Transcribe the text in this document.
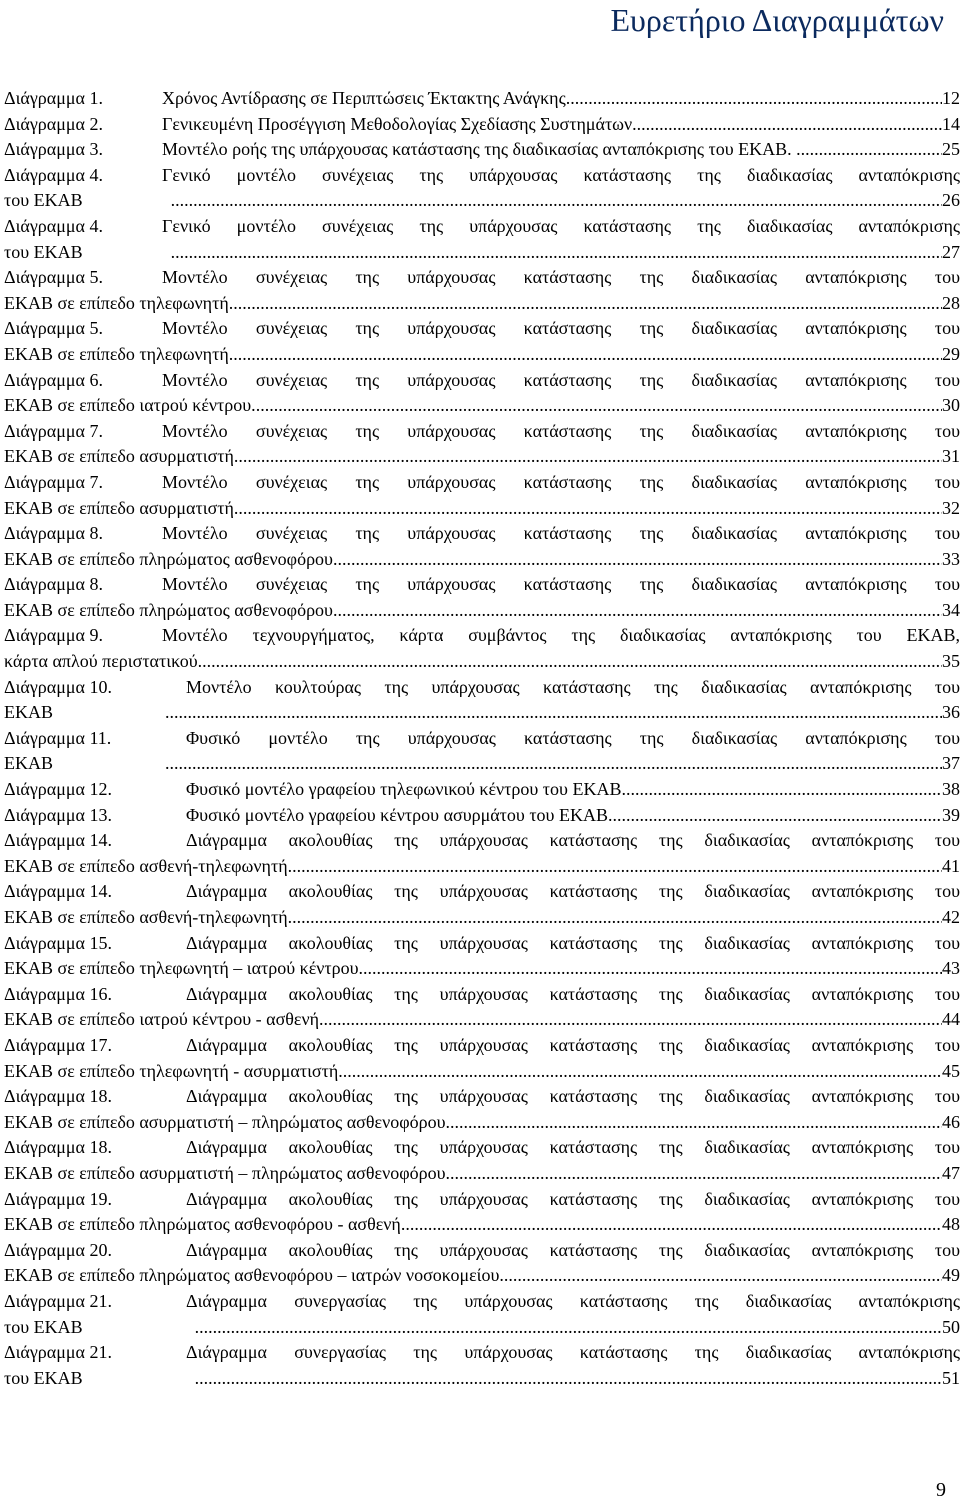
Ευρετήριο Διαγραμμάτων
Διάγραμμα 1.	Χρόνος Αντίδρασης σε Περιπτώσεις Έκτακτης Ανάγκης .....	12
Διάγραμμα 2.	Γενικευμένη Προσέγγιση Μεθοδολογίας Σχεδίασης Συστημάτων .....	14
Διάγραμμα 3.	Μοντέλο ροής της υπάρχουσας κατάστασης της διαδικασίας ανταπόκρισης του ΕΚΑΒ. .. .....	25
Διάγραμμα 4.	Γενικό μοντέλο συνέχειας της υπάρχουσας κατάστασης της διαδικασίας ανταπόκρισης
του ΕΚΑΒ .....	26
Διάγραμμα 4.	Γενικό μοντέλο συνέχειας της υπάρχουσας κατάστασης της διαδικασίας ανταπόκρισης
του ΕΚΑΒ .....	27
Διάγραμμα 5.	Μοντέλο συνέχειας της υπάρχουσας κατάστασης της διαδικασίας ανταπόκρισης του
ΕΚΑΒ σε επίπεδο τηλεφωνητή. .....	28
Διάγραμμα 5.	Μοντέλο συνέχειας της υπάρχουσας κατάστασης της διαδικασίας ανταπόκρισης του
ΕΚΑΒ σε επίπεδο τηλεφωνητή. .....	29
Διάγραμμα 6.	Μοντέλο συνέχειας της υπάρχουσας κατάστασης της διαδικασίας ανταπόκρισης του
ΕΚΑΒ σε επίπεδο ιατρού κέντρου. .....	30
Διάγραμμα 7.	Μοντέλο συνέχειας της υπάρχουσας κατάστασης της διαδικασίας ανταπόκρισης του
ΕΚΑΒ σε επίπεδο ασυρματιστή. .....	31
Διάγραμμα 7.	Μοντέλο συνέχειας της υπάρχουσας κατάστασης της διαδικασίας ανταπόκρισης του
ΕΚΑΒ σε επίπεδο ασυρματιστή. .....	32
Διάγραμμα 8.	Μοντέλο συνέχειας της υπάρχουσας κατάστασης της διαδικασίας ανταπόκρισης του
ΕΚΑΒ σε επίπεδο πληρώματος ασθενοφόρου. .....	33
Διάγραμμα 8.	Μοντέλο συνέχειας της υπάρχουσας κατάστασης της διαδικασίας ανταπόκρισης του
ΕΚΑΒ σε επίπεδο πληρώματος ασθενοφόρου. .....	34
Διάγραμμα 9.	Μοντέλο τεχνουργήματος, κάρτα συμβάντος της διαδικασίας ανταπόκρισης του ΕΚΑΒ,
κάρτα απλού περιστατικού .....	35
Διάγραμμα 10.	Μοντέλο κουλτούρας της υπάρχουσας κατάστασης της διαδικασίας ανταπόκρισης του
ΕΚΑΒ .....	36
Διάγραμμα 11.	Φυσικό μοντέλο της υπάρχουσας κατάστασης της διαδικασίας ανταπόκρισης του
ΕΚΑΒ .....	37
Διάγραμμα 12.	Φυσικό μοντέλο γραφείου τηλεφωνικού κέντρου του ΕΚΑΒ .....	38
Διάγραμμα 13.	Φυσικό μοντέλο γραφείου κέντρου ασυρμάτου του ΕΚΑΒ .....	39
Διάγραμμα 14.	Διάγραμμα ακολουθίας της υπάρχουσας κατάστασης της διαδικασίας ανταπόκρισης του
ΕΚΑΒ σε επίπεδο ασθενή-τηλεφωνητή. .....	41
Διάγραμμα 14.	Διάγραμμα ακολουθίας της υπάρχουσας κατάστασης της διαδικασίας ανταπόκρισης του
ΕΚΑΒ σε επίπεδο ασθενή-τηλεφωνητή. .....	42
Διάγραμμα 15.	Διάγραμμα ακολουθίας της υπάρχουσας κατάστασης της διαδικασίας ανταπόκρισης του
ΕΚΑΒ σε επίπεδο τηλεφωνητή – ιατρού κέντρου. .....	43
Διάγραμμα 16.	Διάγραμμα ακολουθίας της υπάρχουσας κατάστασης της διαδικασίας ανταπόκρισης του
ΕΚΑΒ σε επίπεδο ιατρού κέντρου - ασθενή. .....	44
Διάγραμμα 17.	Διάγραμμα ακολουθίας της υπάρχουσας κατάστασης της διαδικασίας ανταπόκρισης του
ΕΚΑΒ σε επίπεδο τηλεφωνητή - ασυρματιστή. .....	45
Διάγραμμα 18.	Διάγραμμα ακολουθίας της υπάρχουσας κατάστασης της διαδικασίας ανταπόκρισης του
ΕΚΑΒ σε επίπεδο ασυρματιστή – πληρώματος ασθενοφόρου. .....	46
Διάγραμμα 18.	Διάγραμμα ακολουθίας της υπάρχουσας κατάστασης της διαδικασίας ανταπόκρισης του
ΕΚΑΒ σε επίπεδο ασυρματιστή – πληρώματος ασθενοφόρου. .....	47
Διάγραμμα 19.	Διάγραμμα ακολουθίας της υπάρχουσας κατάστασης της διαδικασίας ανταπόκρισης του
ΕΚΑΒ σε επίπεδο πληρώματος ασθενοφόρου - ασθενή. .....	48
Διάγραμμα 20.	Διάγραμμα ακολουθίας της υπάρχουσας κατάστασης της διαδικασίας ανταπόκρισης του
ΕΚΑΒ σε επίπεδο πληρώματος ασθενοφόρου – ιατρών νοσοκομείου. .....	49
Διάγραμμα 21.	Διάγραμμα συνεργασίας της υπάρχουσας κατάστασης της διαδικασίας ανταπόκρισης
του ΕΚΑΒ .....	50
Διάγραμμα 21.	Διάγραμμα συνεργασίας της υπάρχουσας κατάστασης της διαδικασίας ανταπόκρισης
του ΕΚΑΒ .....	51
9
